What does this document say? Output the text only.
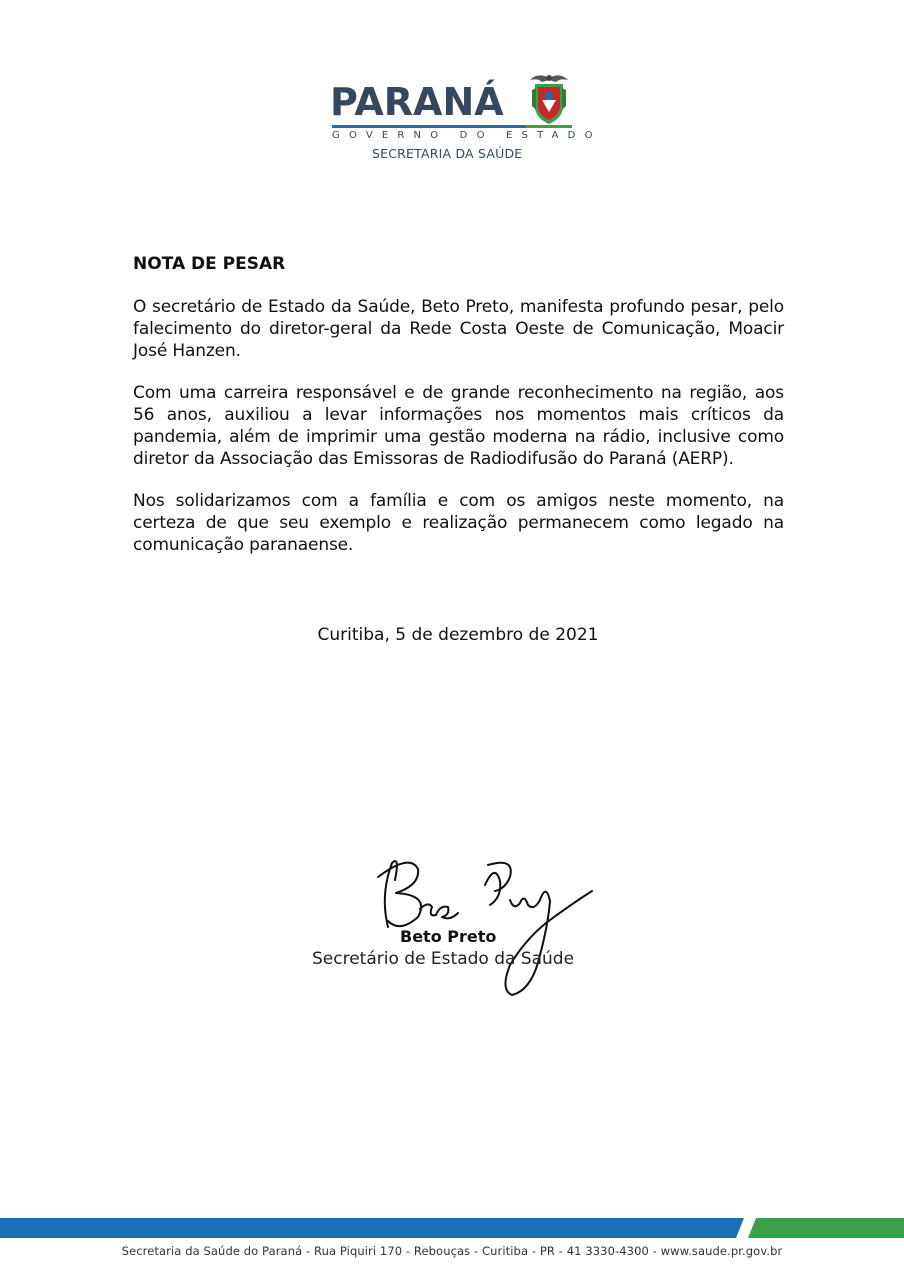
PARANÁ
GOVERNO DO ESTADO
SECRETARIA DA SAÚDE
NOTA DE PESAR

O secretário de Estado da Saúde, Beto Preto, manifesta profundo pesar, pelo falecimento do diretor-geral da Rede Costa Oeste de Comunicação, Moacir José Hanzen.

Com uma carreira responsável e de grande reconhecimento na região, aos 56 anos, auxiliou a levar informações nos momentos mais críticos da pandemia, além de imprimir uma gestão moderna na rádio, inclusive como diretor da Associação das Emissoras de Radiodifusão do Paraná (AERP).

Nos solidarizamos com a família e com os amigos neste momento, na certeza de que seu exemplo e realização permanecem como legado na comunicação paranaense.

Curitiba, 5 de dezembro de 2021
Beto Preto
Secretário de Estado da Saúde
Secretaria da Saúde do Paraná - Rua Piquiri 170 - Rebouças - Curitiba - PR - 41 3330-4300 - www.saude.pr.gov.br
